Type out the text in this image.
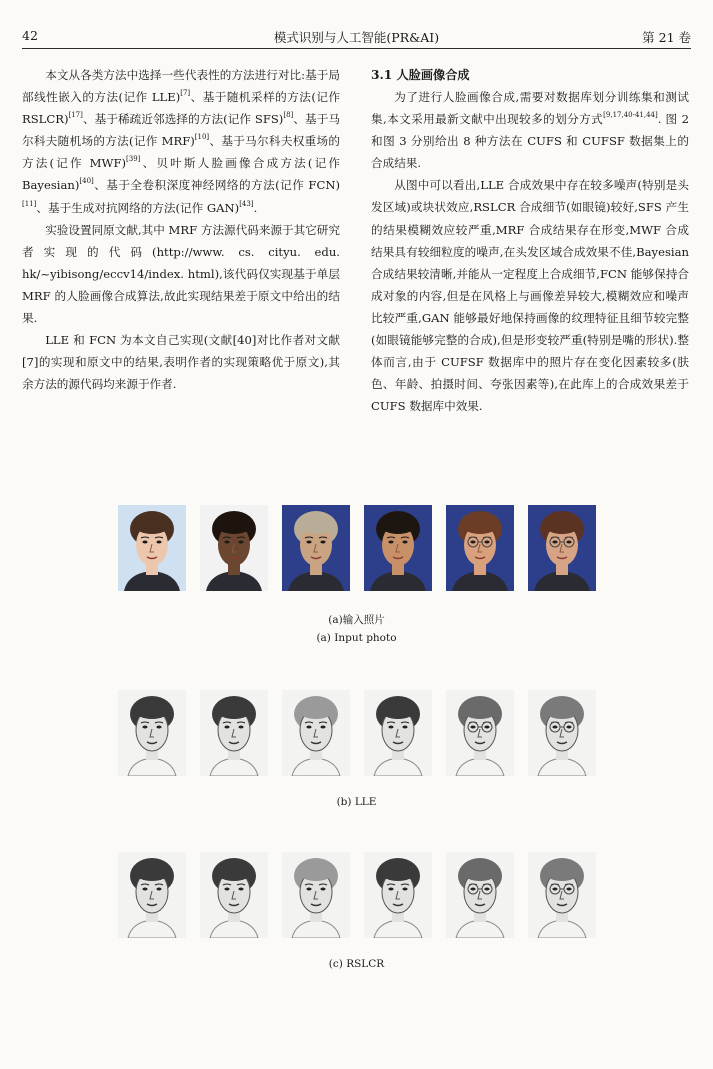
42	模式识别与人工智能(PR&AI)	第 21 卷

本文从各类方法中选择一些代表性的方法进行对比:基于局部线性嵌入的方法(记作 LLE)[7]、基于随机采样的方法(记作 RSLCR)[17]、基于稀疏近邻选择的方法(记作 SFS)[8]、基于马尔科夫随机场的方法(记作 MRF)[10]、基于马尔科夫权重场的方法(记作 MWF)[39]、贝叶斯人脸画像合成方法(记作 Bayesian)[40]、基于全卷积深度神经网络的方法(记作 FCN)[11]、基于生成对抗网络的方法(记作 GAN)[43].

实验设置同原文献,其中 MRF 方法源代码来源于其它研究者实现的代码(http://www. cs. cityu. edu. hk/~yibisong/eccv14/index. html),该代码仅实现基于单层 MRF 的人脸画像合成算法,故此实现结果差于原文中给出的结果.

LLE 和 FCN 为本文自己实现(文献[40]对比作者对文献[7]的实现和原文中的结果,表明作者的实现策略优于原文),其余方法的源代码均来源于作者.

3.1 人脸画像合成

为了进行人脸画像合成,需要对数据库划分训练集和测试集,本文采用最新文献中出现较多的划分方式[9,17,40-41,44]. 图 2 和图 3 分别给出 8 种方法在 CUFS 和 CUFSF 数据集上的合成结果.

从图中可以看出,LLE 合成效果中存在较多噪声(特别是头发区域)或块状效应,RSLCR 合成细节(如眼镜)较好,SFS 产生的结果模糊效应较严重,MRF 合成结果存在形变,MWF 合成结果具有较细粒度的噪声,在头发区域合成效果不佳,Bayesian 合成结果较清晰,并能从一定程度上合成细节,FCN 能够保持合成对象的内容,但是在风格上与画像差异较大,模糊效应和噪声比较严重,GAN 能够最好地保持画像的纹理特征且细节较完整(如眼镜能够完整的合成),但是形变较严重(特别是嘴的形状).整体而言,由于 CUFSF 数据库中的照片存在变化因素较多(肤色、年龄、拍摄时间、夸张因素等),在此库上的合成效果差于 CUFS 数据库中效果.

(a)输入照片
(a) Input photo
(b) LLE
(c) RSLCR
